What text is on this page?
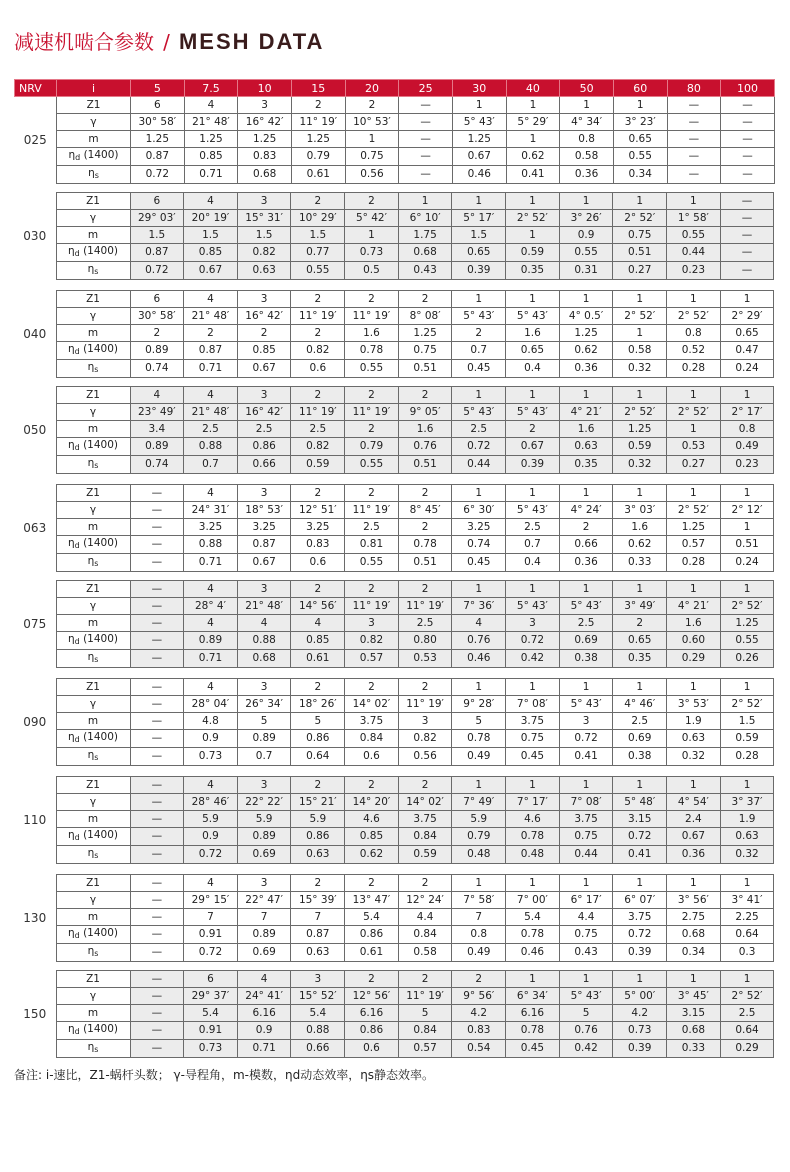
减速机啮合参数 / MESH DATA
NRV	i	5	7.5	10	15	20	25	30	40	50	60	80	100
025	Z1	6	4	3	2	2	—	1	1	1	1	—	—
	γ	30° 58′	21° 48′	16° 42′	11° 19′	10° 53′	—	5° 43′	5° 29′	4° 34′	3° 23′	—	—
	m	1.25	1.25	1.25	1.25	1	—	1.25	1	0.8	0.65	—	—
	$\eta_d$ (1400)	0.87	0.85	0.83	0.79	0.75	—	0.67	0.62	0.58	0.55	—	—
	$\eta_s$	0.72	0.71	0.68	0.61	0.56	—	0.46	0.41	0.36	0.34	—	—
030	Z1	6	4	3	2	2	1	1	1	1	1	1	—
	γ	29° 03′	20° 19′	15° 31′	10° 29′	5° 42′	6° 10′	5° 17′	2° 52′	3° 26′	2° 52′	1° 58′	—
	m	1.5	1.5	1.5	1.5	1	1.75	1.5	1	0.9	0.75	0.55	—
	$\eta_d$ (1400)	0.87	0.85	0.82	0.77	0.73	0.68	0.65	0.59	0.55	0.51	0.44	—
	$\eta_s$	0.72	0.67	0.63	0.55	0.5	0.43	0.39	0.35	0.31	0.27	0.23	—
040	Z1	6	4	3	2	2	2	1	1	1	1	1	1
	γ	30° 58′	21° 48′	16° 42′	11° 19′	11° 19′	8° 08′	5° 43′	5° 43′	4° 0.5′	2° 52′	2° 52′	2° 29′
	m	2	2	2	2	1.6	1.25	2	1.6	1.25	1	0.8	0.65
	$\eta_d$ (1400)	0.89	0.87	0.85	0.82	0.78	0.75	0.7	0.65	0.62	0.58	0.52	0.47
	$\eta_s$	0.74	0.71	0.67	0.6	0.55	0.51	0.45	0.4	0.36	0.32	0.28	0.24
050	Z1	4	4	3	2	2	2	1	1	1	1	1	1
	γ	23° 49′	21° 48′	16° 42′	11° 19′	11° 19′	9° 05′	5° 43′	5° 43′	4° 21′	2° 52′	2° 52′	2° 17′
	m	3.4	2.5	2.5	2.5	2	1.6	2.5	2	1.6	1.25	1	0.8
	$\eta_d$ (1400)	0.89	0.88	0.86	0.82	0.79	0.76	0.72	0.67	0.63	0.59	0.53	0.49
	$\eta_s$	0.74	0.7	0.66	0.59	0.55	0.51	0.44	0.39	0.35	0.32	0.27	0.23
063	Z1	—	4	3	2	2	2	1	1	1	1	1	1
	γ	—	24° 31′	18° 53′	12° 51′	11° 19′	8° 45′	6° 30′	5° 43′	4° 24′	3° 03′	2° 52′	2° 12′
	m	—	3.25	3.25	3.25	2.5	2	3.25	2.5	2	1.6	1.25	1
	$\eta_d$ (1400)	—	0.88	0.87	0.83	0.81	0.78	0.74	0.7	0.66	0.62	0.57	0.51
	$\eta_s$	—	0.71	0.67	0.6	0.55	0.51	0.45	0.4	0.36	0.33	0.28	0.24
075	Z1	—	4	3	2	2	2	1	1	1	1	1	1
	γ	—	28° 4′	21° 48′	14° 56′	11° 19′	11° 19′	7° 36′	5° 43′	5° 43′	3° 49′	4° 21′	2° 52′
	m	—	4	4	4	3	2.5	4	3	2.5	2	1.6	1.25
	$\eta_d$ (1400)	—	0.89	0.88	0.85	0.82	0.80	0.76	0.72	0.69	0.65	0.60	0.55
	$\eta_s$	—	0.71	0.68	0.61	0.57	0.53	0.46	0.42	0.38	0.35	0.29	0.26
090	Z1	—	4	3	2	2	2	1	1	1	1	1	1
	γ	—	28° 04′	26° 34′	18° 26′	14° 02′	11° 19′	9° 28′	7° 08′	5° 43′	4° 46′	3° 53′	2° 52′
	m	—	4.8	5	5	3.75	3	5	3.75	3	2.5	1.9	1.5
	$\eta_d$ (1400)	—	0.9	0.89	0.86	0.84	0.82	0.78	0.75	0.72	0.69	0.63	0.59
	$\eta_s$	—	0.73	0.7	0.64	0.6	0.56	0.49	0.45	0.41	0.38	0.32	0.28
110	Z1	—	4	3	2	2	2	1	1	1	1	1	1
	γ	—	28° 46′	22° 22′	15° 21′	14° 20′	14° 02′	7° 49′	7° 17′	7° 08′	5° 48′	4° 54′	3° 37′
	m	—	5.9	5.9	5.9	4.6	3.75	5.9	4.6	3.75	3.15	2.4	1.9
	$\eta_d$ (1400)	—	0.9	0.89	0.86	0.85	0.84	0.79	0.78	0.75	0.72	0.67	0.63
	$\eta_s$	—	0.72	0.69	0.63	0.62	0.59	0.48	0.48	0.44	0.41	0.36	0.32
130	Z1	—	4	3	2	2	2	1	1	1	1	1	1
	γ	—	29° 15′	22° 47′	15° 39′	13° 47′	12° 24′	7° 58′	7° 00′	6° 17′	6° 07′	3° 56′	3° 41′
	m	—	7	7	7	5.4	4.4	7	5.4	4.4	3.75	2.75	2.25
	$\eta_d$ (1400)	—	0.91	0.89	0.87	0.86	0.84	0.8	0.78	0.75	0.72	0.68	0.64
	$\eta_s$	—	0.72	0.69	0.63	0.61	0.58	0.49	0.46	0.43	0.39	0.34	0.3
150	Z1	—	6	4	3	2	2	2	1	1	1	1	1
	γ	—	29° 37′	24° 41′	15° 52′	12° 56′	11° 19′	9° 56′	6° 34′	5° 43′	5° 00′	3° 45′	2° 52′
	m	—	5.4	6.16	5.4	6.16	5	4.2	6.16	5	4.2	3.15	2.5
	$\eta_d$ (1400)	—	0.91	0.9	0.88	0.86	0.84	0.83	0.78	0.76	0.73	0.68	0.64
	$\eta_s$	—	0.73	0.71	0.66	0.6	0.57	0.54	0.45	0.42	0.39	0.33	0.29
备注: i-速比，Z1-蜗杆头数； γ-导程角，m-模数，ηd动态效率，ηs静态效率。
